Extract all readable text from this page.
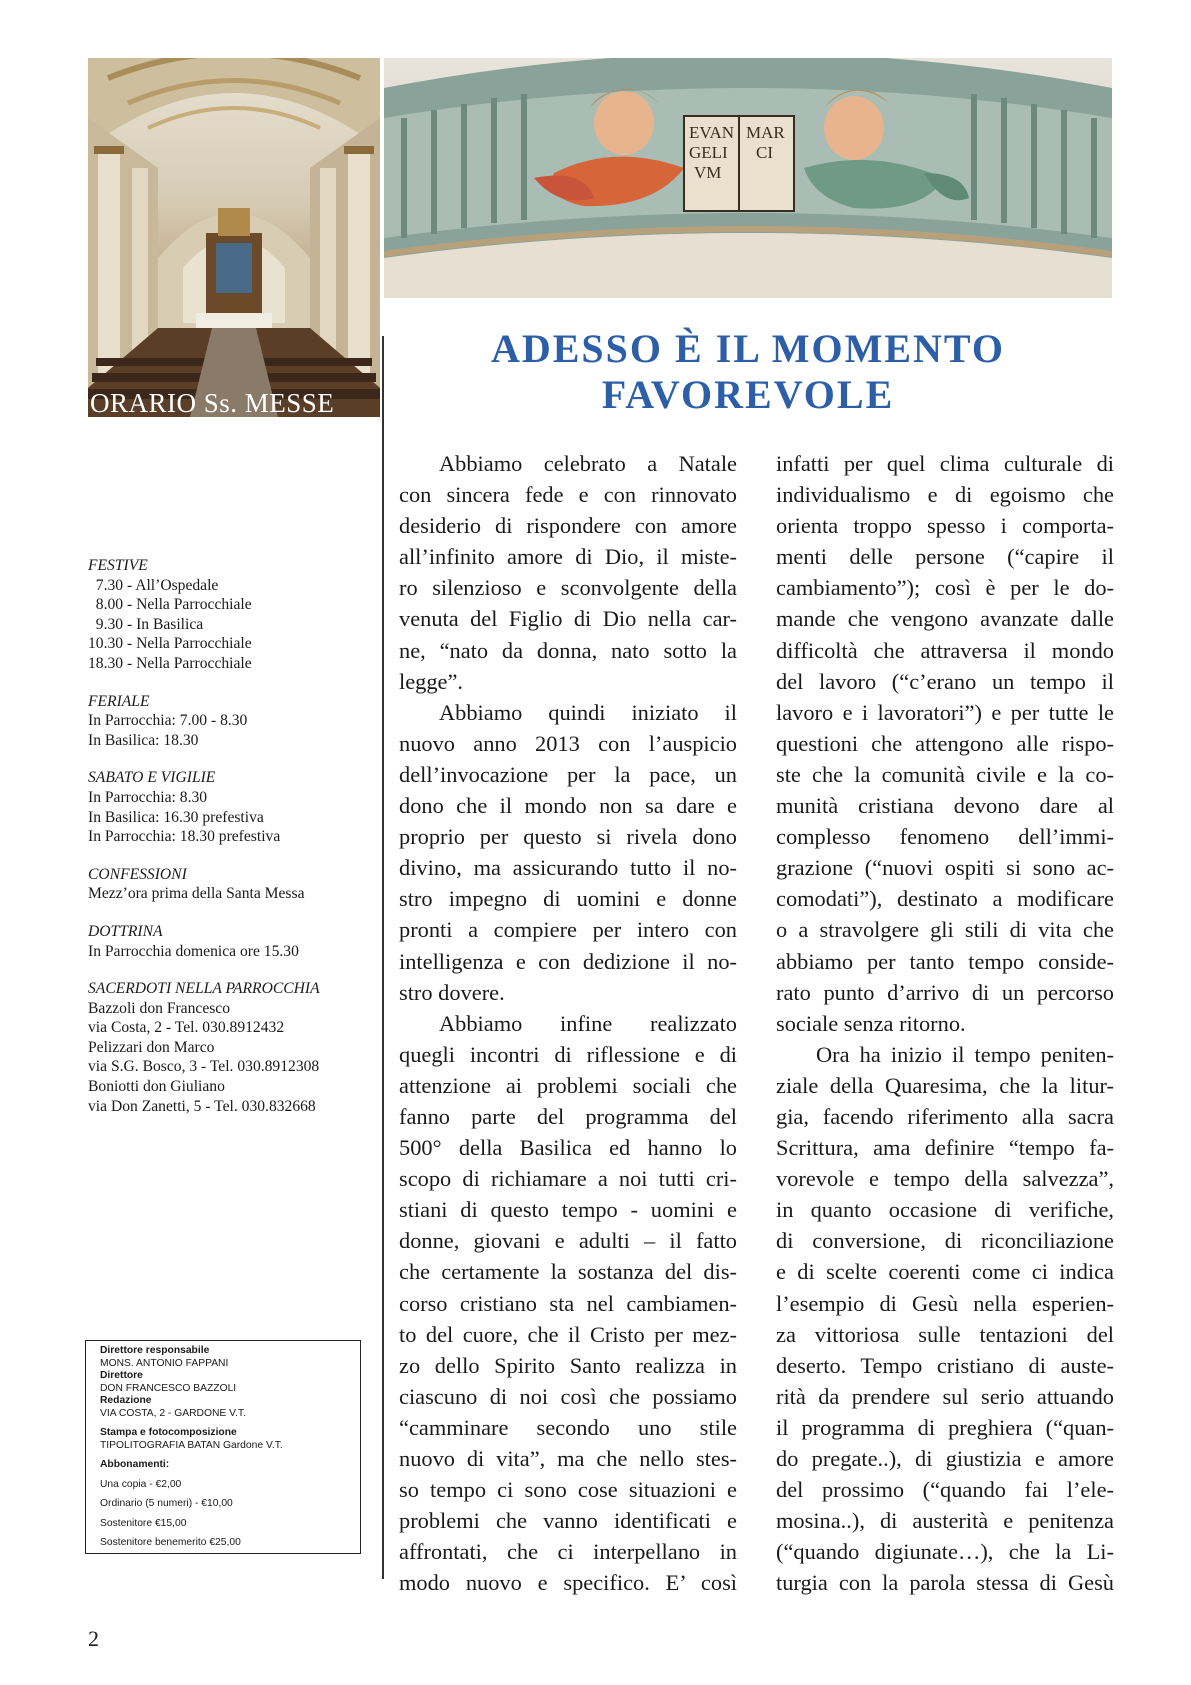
ORARIO Ss. MESSE
FESTIVE
7.30 - All’Ospedale
8.00 - Nella Parrocchiale
9.30 - In Basilica
10.30 - Nella Parrocchiale
18.30 - Nella Parrocchiale
FERIALE
In Parrocchia: 7.00 - 8.30
In Basilica: 18.30
SABATO E VIGILIE
In Parrocchia: 8.30
In Basilica: 16.30 prefestiva
In Parrocchia: 18.30 prefestiva
CONFESSIONI
Mezz’ora prima della Santa Messa
DOTTRINA
In Parrocchia domenica ore 15.30
SACERDOTI NELLA PARROCCHIA
Bazzoli don Francesco
via Costa, 2 - Tel. 030.8912432
Pelizzari don Marco
via S.G. Bosco, 3 - Tel. 030.8912308
Boniotti don Giuliano
via Don Zanetti, 5 - Tel. 030.832668
Direttore responsabile
MONS. ANTONIO FAPPANI
Direttore
DON FRANCESCO BAZZOLI
Redazione
VIA COSTA, 2 - GARDONE V.T.
Stampa e fotocomposizione
TIPOLITOGRAFIA BATAN Gardone V.T.
Abbonamenti:
Una copia - €2,00
Ordinario (5 numeri) - €10,00
Sostenitore €15,00
Sostenitore benemerito €25,00
2
EVAN MAR
GELI CI
VM
ADESSO È IL MOMENTO
FAVOREVOLE
Abbiamo celebrato a Natale
con sincera fede e con rinnovato
desiderio di rispondere con amore
all’infinito amore di Dio, il miste-
ro silenzioso e sconvolgente della
venuta del Figlio di Dio nella car-
ne, “nato da donna, nato sotto la
legge”.
Abbiamo quindi iniziato il
nuovo anno 2013 con l’auspicio
dell’invocazione per la pace, un
dono che il mondo non sa dare e
proprio per questo si rivela dono
divino, ma assicurando tutto il no-
stro impegno di uomini e donne
pronti a compiere per intero con
intelligenza e con dedizione il no-
stro dovere.
Abbiamo infine realizzato
quegli incontri di riflessione e di
attenzione ai problemi sociali che
fanno parte del programma del
500° della Basilica ed hanno lo
scopo di richiamare a noi tutti cri-
stiani di questo tempo - uomini e
donne, giovani e adulti – il fatto
che certamente la sostanza del dis-
corso cristiano sta nel cambiamen-
to del cuore, che il Cristo per mez-
zo dello Spirito Santo realizza in
ciascuno di noi così che possiamo
“camminare secondo uno stile
nuovo di vita”, ma che nello stes-
so tempo ci sono cose situazioni e
problemi che vanno identificati e
affrontati, che ci interpellano in
modo nuovo e specifico. E’ così
infatti per quel clima culturale di
individualismo e di egoismo che
orienta troppo spesso i comporta-
menti delle persone (“capire il
cambiamento”); così è per le do-
mande che vengono avanzate dalle
difficoltà che attraversa il mondo
del lavoro (“c’erano un tempo il
lavoro e i lavoratori”) e per tutte le
questioni che attengono alle rispo-
ste che la comunità civile e la co-
munità cristiana devono dare al
complesso fenomeno dell’immi-
grazione (“nuovi ospiti si sono ac-
comodati”), destinato a modificare
o a stravolgere gli stili di vita che
abbiamo per tanto tempo conside-
rato punto d’arrivo di un percorso
sociale senza ritorno.
Ora ha inizio il tempo peniten-
ziale della Quaresima, che la litur-
gia, facendo riferimento alla sacra
Scrittura, ama definire “tempo fa-
vorevole e tempo della salvezza”,
in quanto occasione di verifiche,
di conversione, di riconciliazione
e di scelte coerenti come ci indica
l’esempio di Gesù nella esperien-
za vittoriosa sulle tentazioni del
deserto. Tempo cristiano di auste-
rità da prendere sul serio attuando
il programma di preghiera (“quan-
do pregate..), di giustizia e amore
del prossimo (“quando fai l’ele-
mosina..), di austerità e penitenza
(“quando digiunate…), che la Li-
turgia con la parola stessa di Gesù
